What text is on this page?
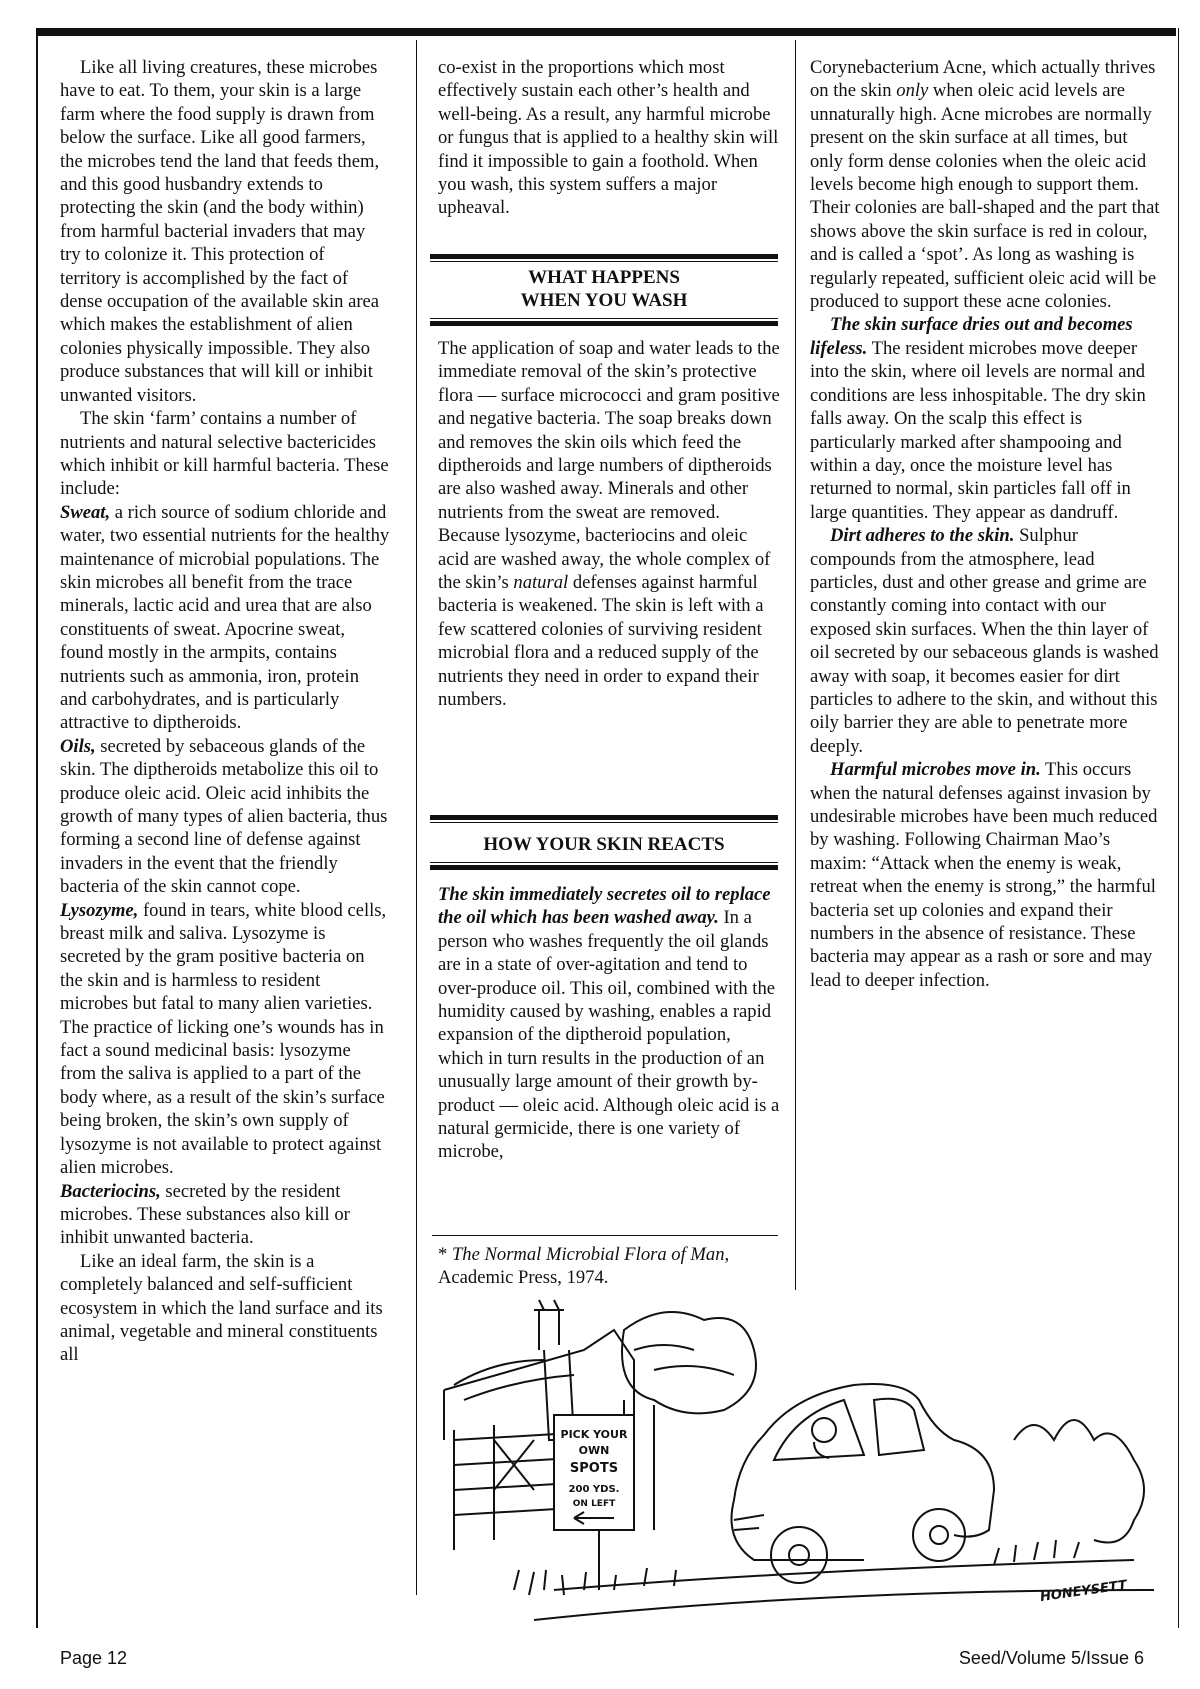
Like all living creatures, these microbes have to eat. To them, your skin is a large farm where the food supply is drawn from below the surface. Like all good farmers, the microbes tend the land that feeds them, and this good husbandry extends to protecting the skin (and the body within) from harmful bacterial invaders that may try to colonize it. This protection of territory is accomplished by the fact of dense occupation of the available skin area which makes the establishment of alien colonies physically impossible. They also produce substances that will kill or inhibit unwanted visitors.

The skin ‘farm’ contains a number of nutrients and natural selective bactericides which inhibit or kill harmful bacteria. These include:

Sweat, a rich source of sodium chloride and water, two essential nutrients for the healthy maintenance of microbial populations. The skin microbes all benefit from the trace minerals, lactic acid and urea that are also constituents of sweat. Apocrine sweat, found mostly in the armpits, contains nutrients such as ammonia, iron, protein and carbohydrates, and is particularly attractive to diptheroids.

Oils, secreted by sebaceous glands of the skin. The diptheroids metabolize this oil to produce oleic acid. Oleic acid inhibits the growth of many types of alien bacteria, thus forming a second line of defense against invaders in the event that the friendly bacteria of the skin cannot cope.

Lysozyme, found in tears, white blood cells, breast milk and saliva. Lysozyme is secreted by the gram positive bacteria on the skin and is harmless to resident microbes but fatal to many alien varieties. The practice of licking one’s wounds has in fact a sound medicinal basis: lysozyme from the saliva is applied to a part of the body where, as a result of the skin’s surface being broken, the skin’s own supply of lysozyme is not available to protect against alien microbes.

Bacteriocins, secreted by the resident microbes. These substances also kill or inhibit unwanted bacteria.

Like an ideal farm, the skin is a completely balanced and self-sufficient ecosystem in which the land surface and its animal, vegetable and mineral constituents all

co-exist in the proportions which most effectively sustain each other’s health and well-being. As a result, any harmful microbe or fungus that is applied to a healthy skin will find it impossible to gain a foothold. When you wash, this system suffers a major upheaval.

WHAT HAPPENS
WHEN YOU WASH

The application of soap and water leads to the immediate removal of the skin’s protective flora — surface micrococci and gram positive and negative bacteria. The soap breaks down and removes the skin oils which feed the diptheroids and large numbers of diptheroids are also washed away. Minerals and other nutrients from the sweat are removed. Because lysozyme, bacteriocins and oleic acid are washed away, the whole complex of the skin’s natural defenses against harmful bacteria is weakened. The skin is left with a few scattered colonies of surviving resident microbial flora and a reduced supply of the nutrients they need in order to expand their numbers.

HOW YOUR SKIN REACTS

The skin immediately secretes oil to replace the oil which has been washed away. In a person who washes frequently the oil glands are in a state of over-agitation and tend to over-produce oil. This oil, combined with the humidity caused by washing, enables a rapid expansion of the diptheroid population, which in turn results in the production of an unusually large amount of their growth by-product — oleic acid. Although oleic acid is a natural germicide, there is one variety of microbe,

* The Normal Microbial Flora of Man, Academic Press, 1974.

Corynebacterium Acne, which actually thrives on the skin only when oleic acid levels are unnaturally high. Acne microbes are normally present on the skin surface at all times, but only form dense colonies when the oleic acid levels become high enough to support them. Their colonies are ball-shaped and the part that shows above the skin surface is red in colour, and is called a ‘spot’. As long as washing is regularly repeated, sufficient oleic acid will be produced to support these acne colonies.

The skin surface dries out and becomes lifeless. The resident microbes move deeper into the skin, where oil levels are normal and conditions are less inhospitable. The dry skin falls away. On the scalp this effect is particularly marked after shampooing and within a day, once the moisture level has returned to normal, skin particles fall off in large quantities. They appear as dandruff.

Dirt adheres to the skin. Sulphur compounds from the atmosphere, lead particles, dust and other grease and grime are constantly coming into contact with our exposed skin surfaces. When the thin layer of oil secreted by our sebaceous glands is washed away with soap, it becomes easier for dirt particles to adhere to the skin, and without this oily barrier they are able to penetrate more deeply.

Harmful microbes move in. This occurs when the natural defenses against invasion by undesirable microbes have been much reduced by washing. Following Chairman Mao’s maxim: “Attack when the enemy is weak, retreat when the enemy is strong,” the harmful bacteria set up colonies and expand their numbers in the absence of resistance. These bacteria may appear as a rash or sore and may lead to deeper infection.

PICK YOUR
OWN
SPOTS
200 YDS.
ON LEFT
HONEYSETT
Page 12	Seed/Volume 5/Issue 6
